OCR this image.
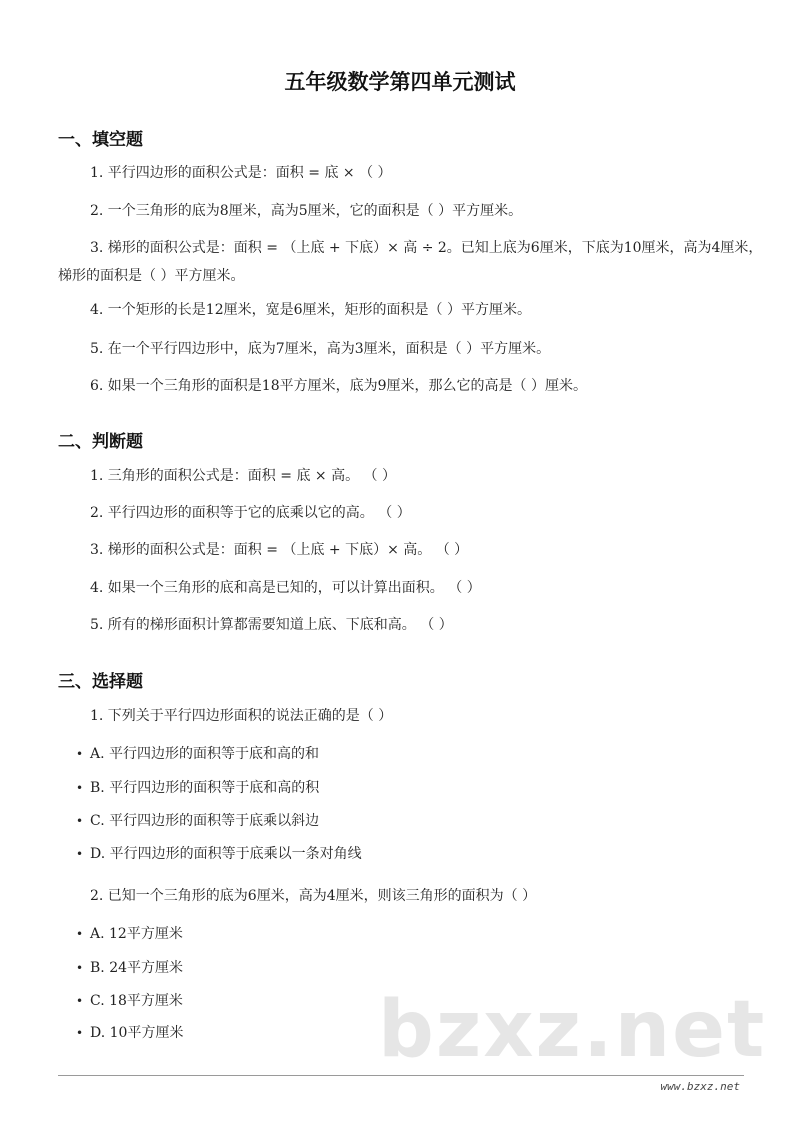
五年级数学第四单元测试
一、填空题
1. 平行四边形的面积公式是：面积 = 底 × （ ）
2. 一个三角形的底为8厘米，高为5厘米，它的面积是（ ）平方厘米。
3. 梯形的面积公式是：面积 = （上底 + 下底）× 高 ÷ 2。已知上底为6厘米，下底为10厘米，高为4厘米，梯形的面积是（ ）平方厘米。
4. 一个矩形的长是12厘米，宽是6厘米，矩形的面积是（ ）平方厘米。
5. 在一个平行四边形中，底为7厘米，高为3厘米，面积是（ ）平方厘米。
6. 如果一个三角形的面积是18平方厘米，底为9厘米，那么它的高是（ ）厘米。
二、判断题
1. 三角形的面积公式是：面积 = 底 × 高。 （ ）
2. 平行四边形的面积等于它的底乘以它的高。 （ ）
3. 梯形的面积公式是：面积 = （上底 + 下底）× 高。 （ ）
4. 如果一个三角形的底和高是已知的，可以计算出面积。 （ ）
5. 所有的梯形面积计算都需要知道上底、下底和高。 （ ）
三、选择题
1. 下列关于平行四边形面积的说法正确的是（ ）
• A. 平行四边形的面积等于底和高的和
• B. 平行四边形的面积等于底和高的积
• C. 平行四边形的面积等于底乘以斜边
• D. 平行四边形的面积等于底乘以一条对角线
2. 已知一个三角形的底为6厘米，高为4厘米，则该三角形的面积为（ ）
• A. 12平方厘米
• B. 24平方厘米
• C. 18平方厘米
• D. 10平方厘米 bzxz.net
www.bzxz.net
